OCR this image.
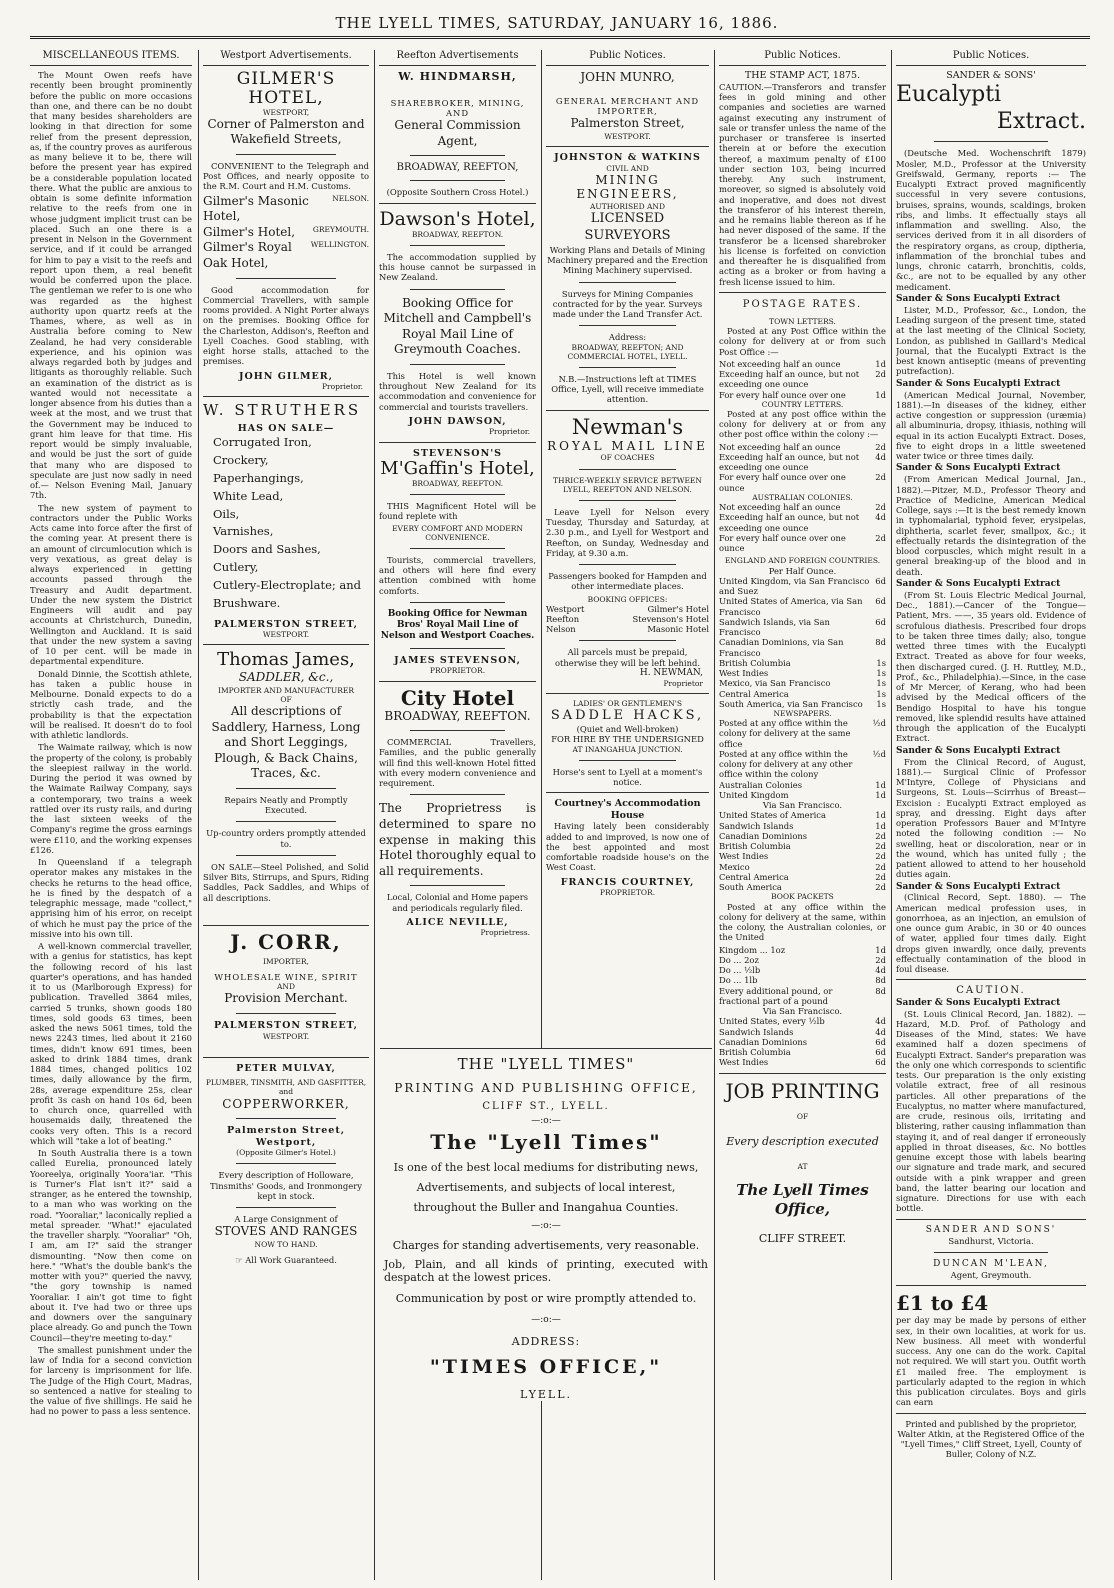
THE LYELL TIMES, SATURDAY, JANUARY 16, 1886.
MISCELLANEOUS ITEMS.

The Mount Owen reefs have recently been brought prominently before the public on more occasions than one, and there can be no doubt that many besides shareholders are looking in that direction for some relief from the present depression, as, if the country proves as auriferous as many believe it to be, there will before the present year has expired be a considerable population located there. What the public are anxious to obtain is some definite information relative to the reefs from one in whose judgment implicit trust can be placed. Such an one there is a present in Nelson in the Government service, and if it could be arranged for him to pay a visit to the reefs and report upon them, a real benefit would be conferred upon the place. The gentleman we refer to is one who was regarded as the highest authority upon quartz reefs at the Thames, where, as well as in Australia before coming to New Zealand, he had very considerable experience, and his opinion was always regarded both by judges and litigants as thoroughly reliable. Such an examination of the district as is wanted would not necessitate a longer absence from his duties than a week at the most, and we trust that the Government may be induced to grant him leave for that time. His report would be simply invaluable, and would be just the sort of guide that many who are disposed to speculate are just now sadly in need of.— Nelson Evening Mail, January 7th.

The new system of payment to contractors under the Public Works Acts came into force after the first of the coming year. At present there is an amount of circumlocution which is very vexatious, as great delay is always experienced in getting accounts passed through the Treasury and Audit department. Under the new system the District Engineers will audit and pay accounts at Christchurch, Dunedin, Wellington and Auckland. It is said that under the new system a saving of 10 per cent. will be made in departmental expenditure.

Donald Dinnie, the Scottish athlete, has taken a public house in Melbourne. Donald expects to do a strictly cash trade, and the probability is that the expectation will be realised. It doesn't do to fool with athletic landlords.

The Waimate railway, which is now the property of the colony, is probably the sleepiest railway in the world. During the period it was owned by the Waimate Railway Company, says a contemporary, two trains a week rattled over its rusty rails, and during the last sixteen weeks of the Company's regime the gross earnings were £110, and the working expenses £126.

In Queensland if a telegraph operator makes any mistakes in the checks he returns to the head office, he is fined by the despatch of a telegraphic message, made "collect," apprising him of his error, on receipt of which he must pay the price of the missive into his own till.

A well-known commercial traveller, with a genius for statistics, has kept the following record of his last quarter's operations, and has handed it to us (Marlborough Express) for publication. Travelled 3864 miles, carried 5 trunks, shown goods 180 times, sold goods 63 times, been asked the news 5061 times, told the news 2243 times, lied about it 2160 times, didn't know 691 times, been asked to drink 1884 times, drank 1884 times, changed politics 102 times, daily allowance by the firm, 28s, average expenditure 25s, clear profit 3s cash on hand 10s 6d, been to church once, quarrelled with housemaids daily, threatened the cooks very often. This is a record which will "take a lot of beating."

In South Australia there is a town called Eurelia, pronounced lately Yooreelya, originally Yoora'iar. "This is Turner's Flat isn't it?" said a stranger, as he entered the township, to a man who was working on the road. "Yooraliar," laconically replied a metal spreader. "What!" ejaculated the traveller sharply. "Yooraliar" "Oh, I am, am I?" said the stranger dismounting. "Now then come on here." "What's the double bank's the motter with you?" queried the navvy, "the gory township is named Yooraliar. I ain't got time to fight about it. I've had two or three ups and downers over the sanguinary place already. Go and punch the Town Council—they're meeting to-day."

The smallest punishment under the law of India for a second conviction for larceny is imprisonment for life. The Judge of the High Court, Madras, so sentenced a native for stealing to the value of five shillings. He said he had no power to pass a less sentence.

Westport Advertisements.
GILMER'S HOTEL,
WESTPORT,
Corner of Palmerston and Wakefield Streets,

CONVENIENT to the Telegraph and Post Offices, and nearly opposite to the R.M. Court and H.M. Customs.

Gilmer's Masonic Hotel,
NELSON.
Gilmer's Hotel, GREYMOUTH.
Gilmer's Royal Oak Hotel,
WELLINGTON.

Good accommodation for Commercial Travellers, with sample rooms provided. A Night Porter always on the premises. Booking Office for the Charleston, Addison's, Reefton and Lyell Coaches. Good stabling, with eight horse stalls, attached to the premises.

JOHN GILMER,
Proprietor.
W. STRUTHERS
HAS ON SALE—
Corrugated Iron,
Crockery,
Paperhangings,
White Lead,
Oils,
Varnishes,
Doors and Sashes,
Cutlery,
Cutlery-Electroplate; and
Brushware.
PALMERSTON STREET,
WESTPORT.
Thomas James,
SADDLER, &c.,
IMPORTER AND MANUFACTURER
OF
All descriptions of Saddlery, Harness, Long and Short Leggings, Plough, & Back Chains, Traces, &c.
Repairs Neatly and Promptly Executed.
Up-country orders promptly attended to.

ON SALE—Steel Polished, and Solid Silver Bits, Stirrups, and Spurs, Riding Saddles, Pack Saddles, and Whips of all descriptions.

J. CORR,
IMPORTER,
WHOLESALE WINE, SPIRIT
AND
Provision Merchant.
PALMERSTON STREET,
WESTPORT.
PETER MULVAY,
PLUMBER, TINSMITH, AND GASFITTER, and
COPPERWORKER,
Palmerston Street, Westport,
(Opposite Gilmer's Hotel.)
Every description of Holloware, Tinsmiths' Goods, and Ironmongery kept in stock.
A Large Consignment of
STOVES AND RANGES
NOW TO HAND.
☞ All Work Guaranteed.
Reefton Advertisements
W. HINDMARSH,
SHAREBROKER, MINING, AND
General Commission Agent,
BROADWAY, REEFTON,
(Opposite Southern Cross Hotel.)
Dawson's Hotel,
BROADWAY, REEFTON.

The accommodation supplied by this house cannot be surpassed in New Zealand.

Booking Office for Mitchell and Campbell's Royal Mail Line of Greymouth Coaches.

This Hotel is well known throughout New Zealand for its accommodation and convenience for commercial and tourists travellers.

JOHN DAWSON,
Proprietor.
STEVENSON'S
M'Gaffin's Hotel,
BROADWAY, REEFTON.

THIS Magnificent Hotel will be found replete with

EVERY COMFORT AND MODERN CONVENIENCE.

Tourists, commercial travellers, and others will here find every attention combined with home comforts.

Booking Office for Newman Bros' Royal Mail Line of Nelson and Westport Coaches.
JAMES STEVENSON,
PROPRIETOR.
City Hotel
BROADWAY, REEFTON.

COMMERCIAL Travellers, Families, and the public generally will find this well-known Hotel fitted with every modern convenience and requirement.

The Proprietress is determined to spare no expense in making this Hotel thoroughly equal to all requirements.
Local, Colonial and Home papers and periodicals regularly filed.
ALICE NEVILLE,
Proprietress.
Public Notices.
JOHN MUNRO,
GENERAL MERCHANT AND IMPORTER,
Palmerston Street,
WESTPORT.
JOHNSTON & WATKINS
CIVIL AND
MINING ENGINEERS,
AUTHORISED AND
LICENSED SURVEYORS
Working Plans and Details of Mining Machinery prepared and the Erection Mining Machinery supervised.
Surveys for Mining Companies contracted for by the year. Surveys made under the Land Transfer Act.
Address:
BROADWAY, REEFTON; AND COMMERCIAL HOTEL, LYELL.
N.B.—Instructions left at TIMES Office, Lyell, will receive immediate attention.
Newman's
ROYAL MAIL LINE
OF COACHES
THRICE-WEEKLY SERVICE BETWEEN LYELL, REEFTON AND NELSON.

Leave Lyell for Nelson every Tuesday, Thursday and Saturday, at 2.30 p.m., and Lyell for Westport and Reefton, on Sunday, Wednesday and Friday, at 9.30 a.m.

Passengers booked for Hampden and other intermediate places.
BOOKING OFFICES:
Westport	Gilmer's Hotel
Reefton	Stevenson's Hotel
Nelson	Masonic Hotel
All parcels must be prepaid, otherwise they will be left behind.
H. NEWMAN,
Proprietor
LADIES' OR GENTLEMEN'S
SADDLE HACKS,
(Quiet and Well-broken)
FOR HIRE BY THE UNDERSIGNED
AT INANGAHUA JUNCTION.
Horse's sent to Lyell at a moment's notice.
Courtney's Accommodation House

Having lately been considerably added to and improved, is now one of the best appointed and most comfortable roadside house's on the West Coast.

FRANCIS COURTNEY,
PROPRIETOR.
THE "LYELL TIMES"
PRINTING AND PUBLISHING OFFICE,
CLIFF ST., LYELL.
—:o:—
The "Lyell Times"
Is one of the best local mediums for distributing news, Advertisements, and subjects of local interest, throughout the Buller and Inangahua Counties.
—:o:—
Charges for standing advertisements, very reasonable.
Job, Plain, and all kinds of printing, executed with despatch at the lowest prices.
Communication by post or wire promptly attended to.
—:o:—
ADDRESS:
"TIMES OFFICE,"
LYELL.
Public Notices.
THE STAMP ACT, 1875.

CAUTION.—Transferors and transfer fees in gold mining and other companies and societies are warned against executing any instrument of sale or transfer unless the name of the purchaser or transferee is inserted therein at or before the execution thereof, a maximum penalty of £100 under section 103, being incurred thereby. Any such instrument, moreover, so signed is absolutely void and inoperative, and does not divest the transferor of his interest therein, and he remains liable thereon as if he had never disposed of the same. If the transferor be a licensed sharebroker his license is forfeited on conviction and thereafter he is disqualified from acting as a broker or from having a fresh license issued to him.

POSTAGE RATES.
TOWN LETTERS.

Posted at any Post Office within the colony for delivery at or from such Post Office :—

Not exceeding half an ounce	1d
Exceeding half an ounce, but not exceeding one ounce
2d
For every half ounce over one	1d
COUNTRY LETTERS.

Posted at any post office within the colony for delivery at or from any other post office within the colony :—

Not exceeding half an ounce	2d
Exceeding half an ounce, but not exceeding one ounce
4d
For every half ounce over one ounce
2d
AUSTRALIAN COLONIES.
Not exceeding half an ounce	2d
Exceeding half an ounce, but not exceeding one ounce
4d
For every half ounce over one ounce
2d
ENGLAND AND FOREIGN COUNTRIES.
Per Half Ounce.
United Kingdom, via San Francisco and Suez
6d
United States of America, via San Francisco
6d
Sandwich Islands, via San Francisco
6d
Canadian Dominions, via San Francisco
8d
British Columbia	1s
West Indies	1s
Mexico, via San Francisco	1s
Central America	1s
South America, via San Francisco	1s
NEWSPAPERS.
Posted at any office within the colony for delivery at the same office
½d
Posted at any office within the colony for delivery at any other office within the colony
½d
Australian Colonies	1d
United Kingdom	1d
Via San Francisco.
United States of America	1d
Sandwich Islands	1d
Canadian Dominions	2d
British Columbia	2d
West Indies	2d
Mexico	2d
Central America	2d
South America	2d
BOOK PACKETS

Posted at any office within the colony for delivery at the same, within the colony, the Australian colonies, or the United

Kingdom ... 1oz	1d
Do ... 2oz	2d
Do ... ½lb	4d
Do ... 1lb	8d
Every additional pound, or fractional part of a pound
8d
Via San Francisco.
United States, every ½lb	4d
Sandwich Islands	4d
Canadian Dominions	6d
British Columbia	6d
West Indies	6d
JOB PRINTING
OF
Every description executed
AT
The Lyell Times Office,
CLIFF STREET.
Public Notices.
SANDER & SONS'
Eucalypti
Extract.

(Deutsche Med. Wochenschrift 1879) Mosler, M.D., Professor at the University Greifswald, Germany, reports :— The Eucalypti Extract proved magnificently successful in very severe contusions, bruises, sprains, wounds, scaldings, broken ribs, and limbs. It effectually stays all inflammation and swelling. Also, the services derived from it in all disorders of the respiratory organs, as croup, diptheria, inflammation of the bronchial tubes and lungs, chronic catarrh, bronchitis, colds, &c., are not to be equalled by any other medicament.

Sander & Sons Eucalypti Extract

Lister, M.D., Professor, &c., London, the Leading surgeon of the present time, stated at the last meeting of the Clinical Society, London, as published in Gaillard's Medical Journal, that the Eucalypti Extract is the best known antiseptic (means of preventing putrefaction).

Sander & Sons Eucalypti Extract

(American Medical Journal, November, 1881).—In diseases of the kidney, either active congestion or suppression (uræmia) all albuminuria, dropsy, ithiasis, nothing will equal in its action Eucalypti Extract. Doses, five to eight drops in a little sweetened water twice or three times daily.

Sander & Sons Eucalypti Extract

(From American Medical Journal, Jan., 1882).—Pitzer, M.D., Professor Theory and Practice of Medicine, American Medical College, says :—It is the best remedy known in typhomalarial, typhoid fever, erysipelas, diphtheria, scarlet fever, smallpox, &c.; it effectually retards the disintegration of the blood corpuscles, which might result in a general breaking-up of the blood and in death.

Sander & Sons Eucalypti Extract

(From St. Louis Electric Medical Journal, Dec., 1881).—Cancer of the Tongue—Patient, Mrs. ——, 35 years old. Evidence of scrofulous diathesis. Prescribed four drops to be taken three times daily; also, tongue wetted three times with the Eucalypti Extract. Treated as above for four weeks, then discharged cured. (J. H. Ruttley, M.D., Prof., &c., Philadelphia).—Since, in the case of Mr Mercer, of Kerang, who had been advised by the Medical officers of the Bendigo Hospital to have his tongue removed, like splendid results have attained through the application of the Eucalypti Extract.

Sander & Sons Eucalypti Extract

From the Clinical Record, of August, 1881).— Surgical Clinic of Professor M'Intyre, College of Physicians and Surgeons, St. Louis—Scirrhus of Breast— Excision : Eucalypti Extract employed as spray, and dressing. Eight days after operation Professors Bauer and M'Intyre noted the following condition :— No swelling, heat or discoloration, near or in the wound, which has united fully ; the patient allowed to attend to her household duties again.

Sander & Sons Eucalypti Extract

(Clinical Record, Sept. 1880). — The American medical profession uses, in gonorrhoea, as an injection, an emulsion of one ounce gum Arabic, in 30 or 40 ounces of water, applied four times daily. Eight drops given inwardly, once daily, prevents effectually contamination of the blood in foul disease.

CAUTION.
Sander & Sons Eucalypti Extract

(St. Louis Clinical Record, Jan. 1882). —Hazard, M.D. Prof. of Pathology and Diseases of the Mind, states: We have examined half a dozen specimens of Eucalypti Extract. Sander's preparation was the only one which corresponds to scientific tests. Our preparation is the only existing volatile extract, free of all resinous particles. All other preparations of the Eucalyptus, no matter where manufactured, are crude, resinous oils, irritating and blistering, rather causing inflammation than staying it, and of real danger if erroneously applied in throat diseases, &c. No bottles genuine except those with labels bearing our signature and trade mark, and secured outside with a pink wrapper and green band, the latter bearing our location and signature. Directions for use with each bottle.

SANDER AND SONS'
Sandhurst, Victoria.
DUNCAN M'LEAN,
Agent, Greymouth.
£1 to £4

per day may be made by persons of either sex, in their own localities, at work for us. New business. All meet with wonderful success. Any one can do the work. Capital not required. We will start you. Outfit worth £1 mailed free. The employment is particularly adapted to the region in which this publication circulates. Boys and girls can earn

Printed and published by the proprietor, Walter Atkin, at the Registered Office of the "Lyell Times," Cliff Street, Lyell, County of Buller, Colony of N.Z.
